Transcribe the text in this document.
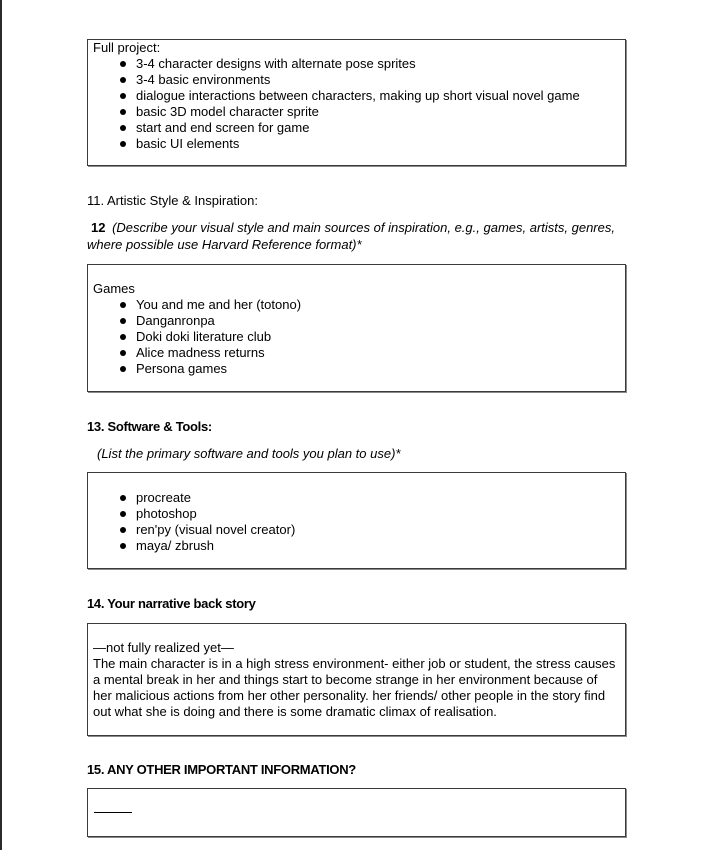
Full project:
3-4 character designs with alternate pose sprites
3-4 basic environments
dialogue interactions between characters, making up short visual novel game
basic 3D model character sprite
start and end screen for game
basic UI elements
11. Artistic Style & Inspiration:
12 (Describe your visual style and main sources of inspiration, e.g., games, artists, genres,
where possible use Harvard Reference format)*
Games
You and me and her (totono)
Danganronpa
Doki doki literature club
Alice madness returns
Persona games
13. Software & Tools:
(List the primary software and tools you plan to use)*
procreate
photoshop
ren'py (visual novel creator)
maya/ zbrush
14. Your narrative back story
—not fully realized yet—
The main character is in a high stress environment- either job or student, the stress causes a mental break in her and things start to become strange in her environment because of her malicious actions from her other personality. her friends/ other people in the story find out what she is doing and there is some dramatic climax of realisation.
15. ANY OTHER IMPORTANT INFORMATION?
